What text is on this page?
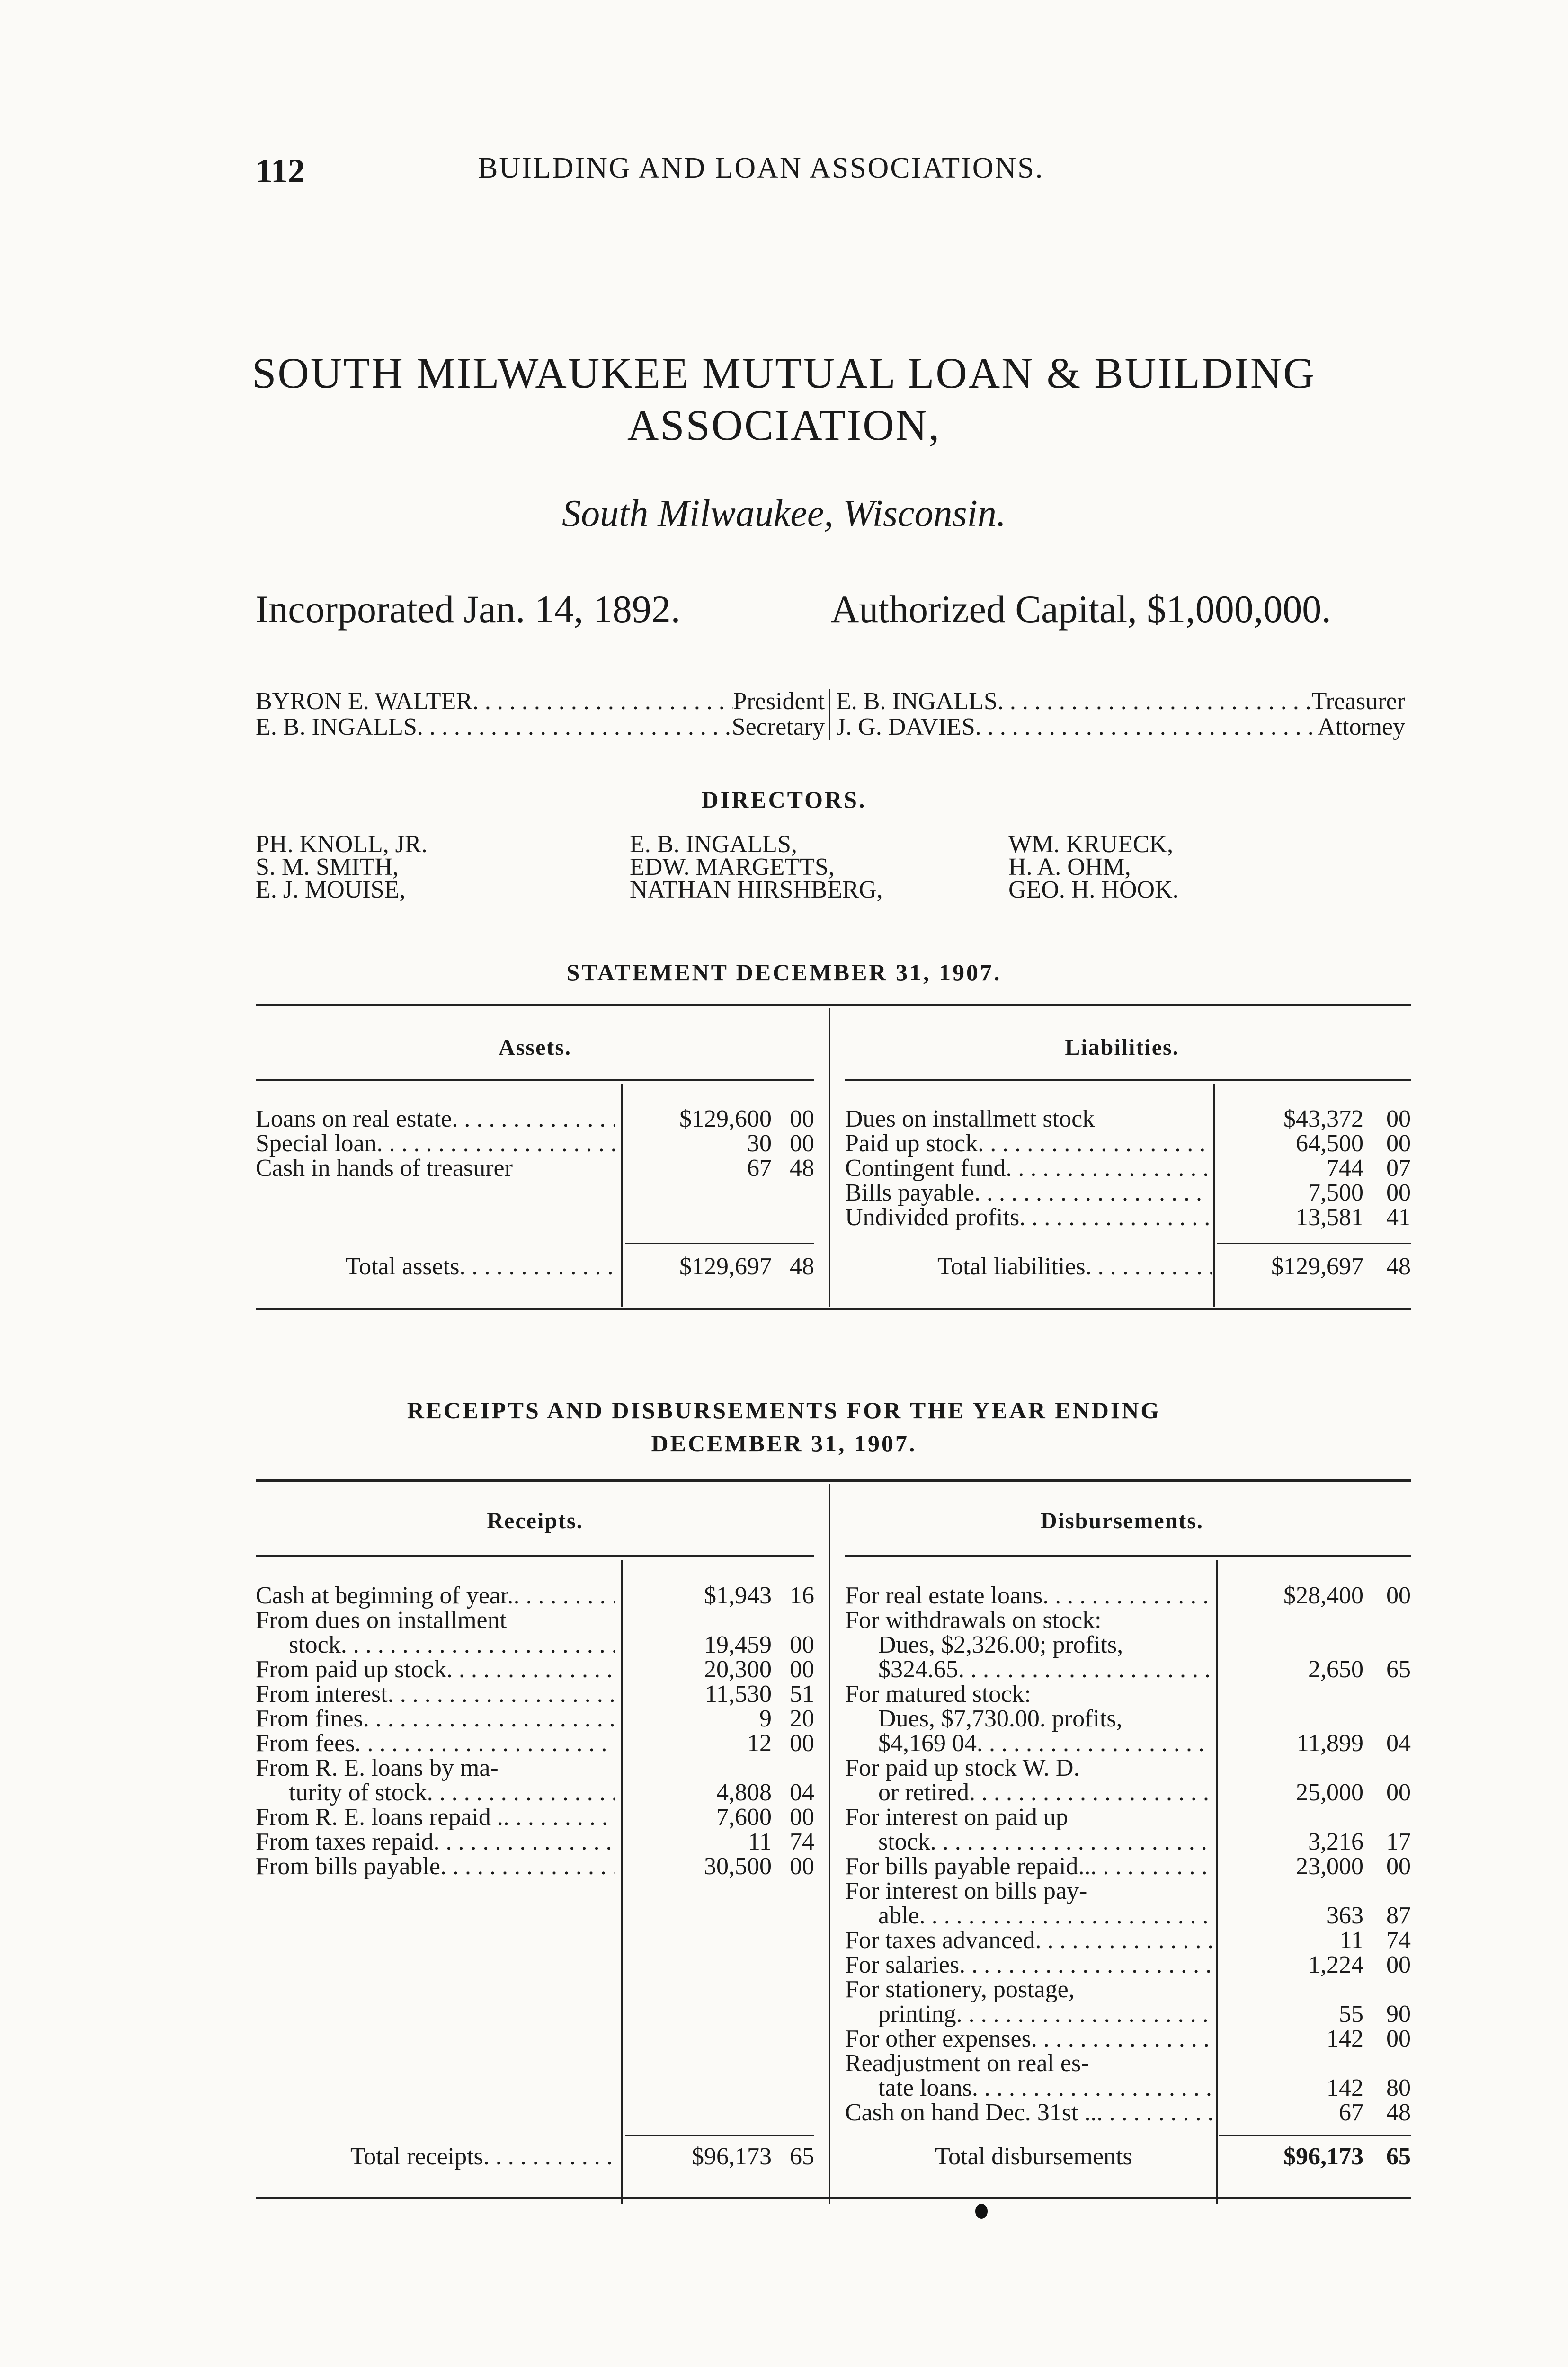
112	BUILDING AND LOAN ASSOCIATIONS.
SOUTH MILWAUKEE MUTUAL LOAN & BUILDING
ASSOCIATION,
South Milwaukee, Wisconsin.
Incorporated Jan. 14, 1892.	Authorized Capital, $1,000,000.
BYRON E. WALTER . . .	President E. B. INGALLS . . .	Treasurer
E. B. INGALLS . . .	Secretary J. G. DAVIES . . .	Attorney
DIRECTORS.
PH. KNOLL, JR.
S. M. SMITH,
E. J. MOUISE,
E. B. INGALLS,
EDW. MARGETTS,
NATHAN HIRSHBERG,
WM. KRUECK,
H. A. OHM,
GEO. H. HOOK.
STATEMENT DECEMBER 31, 1907.
Assets.	Liabilities.
Loans on real estate . . .	$129,600 00
Special loan . . .	30 00
Cash in hands of treasurer	67 48
Dues on installmett stock	$43,372 00
Paid up stock . . .	64,500 00
Contingent fund . . .	744 07
Bills payable . . .	7,500 00
Undivided profits . . .	13,581 41
Total assets . . .	$129,697 48	Total liabilities . . .	$129,697 48
RECEIPTS AND DISBURSEMENTS FOR THE YEAR ENDING
DECEMBER 31, 1907.
Receipts.	Disbursements.
Cash at beginning of year. . . .	$1,943 16
From dues on installment
stock . . .	19,459 00
From paid up stock . . .	20,300 00
From interest . . .	11,530 51
From fines . . .	9 20
From fees . . .	12 00
From R. E. loans by ma-
turity of stock . . .	4,808 04
From R. E. loans repaid . . . .	7,600 00
From taxes repaid . . .	11 74
From bills payable . . .	30,500 00
For real estate loans . . .	$28,400 00
For withdrawals on stock:
Dues, $2,326.00; profits,
$324.65 . . .	2,650 65
For matured stock:
Dues, $7,730.00. profits,
$4,169 04 . . .	11,899 04
For paid up stock W. D.
or retired . . .	25,000 00
For interest on paid up
stock . . .	3,216 17
For bills payable repaid.. . . .	23,000 00
For interest on bills pay-
able . . .	363 87
For taxes advanced . . .	11 74
For salaries . . .	1,224 00
For stationery, postage,
printing . . .	55 90
For other expenses . . .	142 00
Readjustment on real es-
tate loans . . .	142 80
Cash on hand Dec. 31st .. . . .	67 48
Total receipts . . .	$96,173 65	Total disbursements	$96,173 65
